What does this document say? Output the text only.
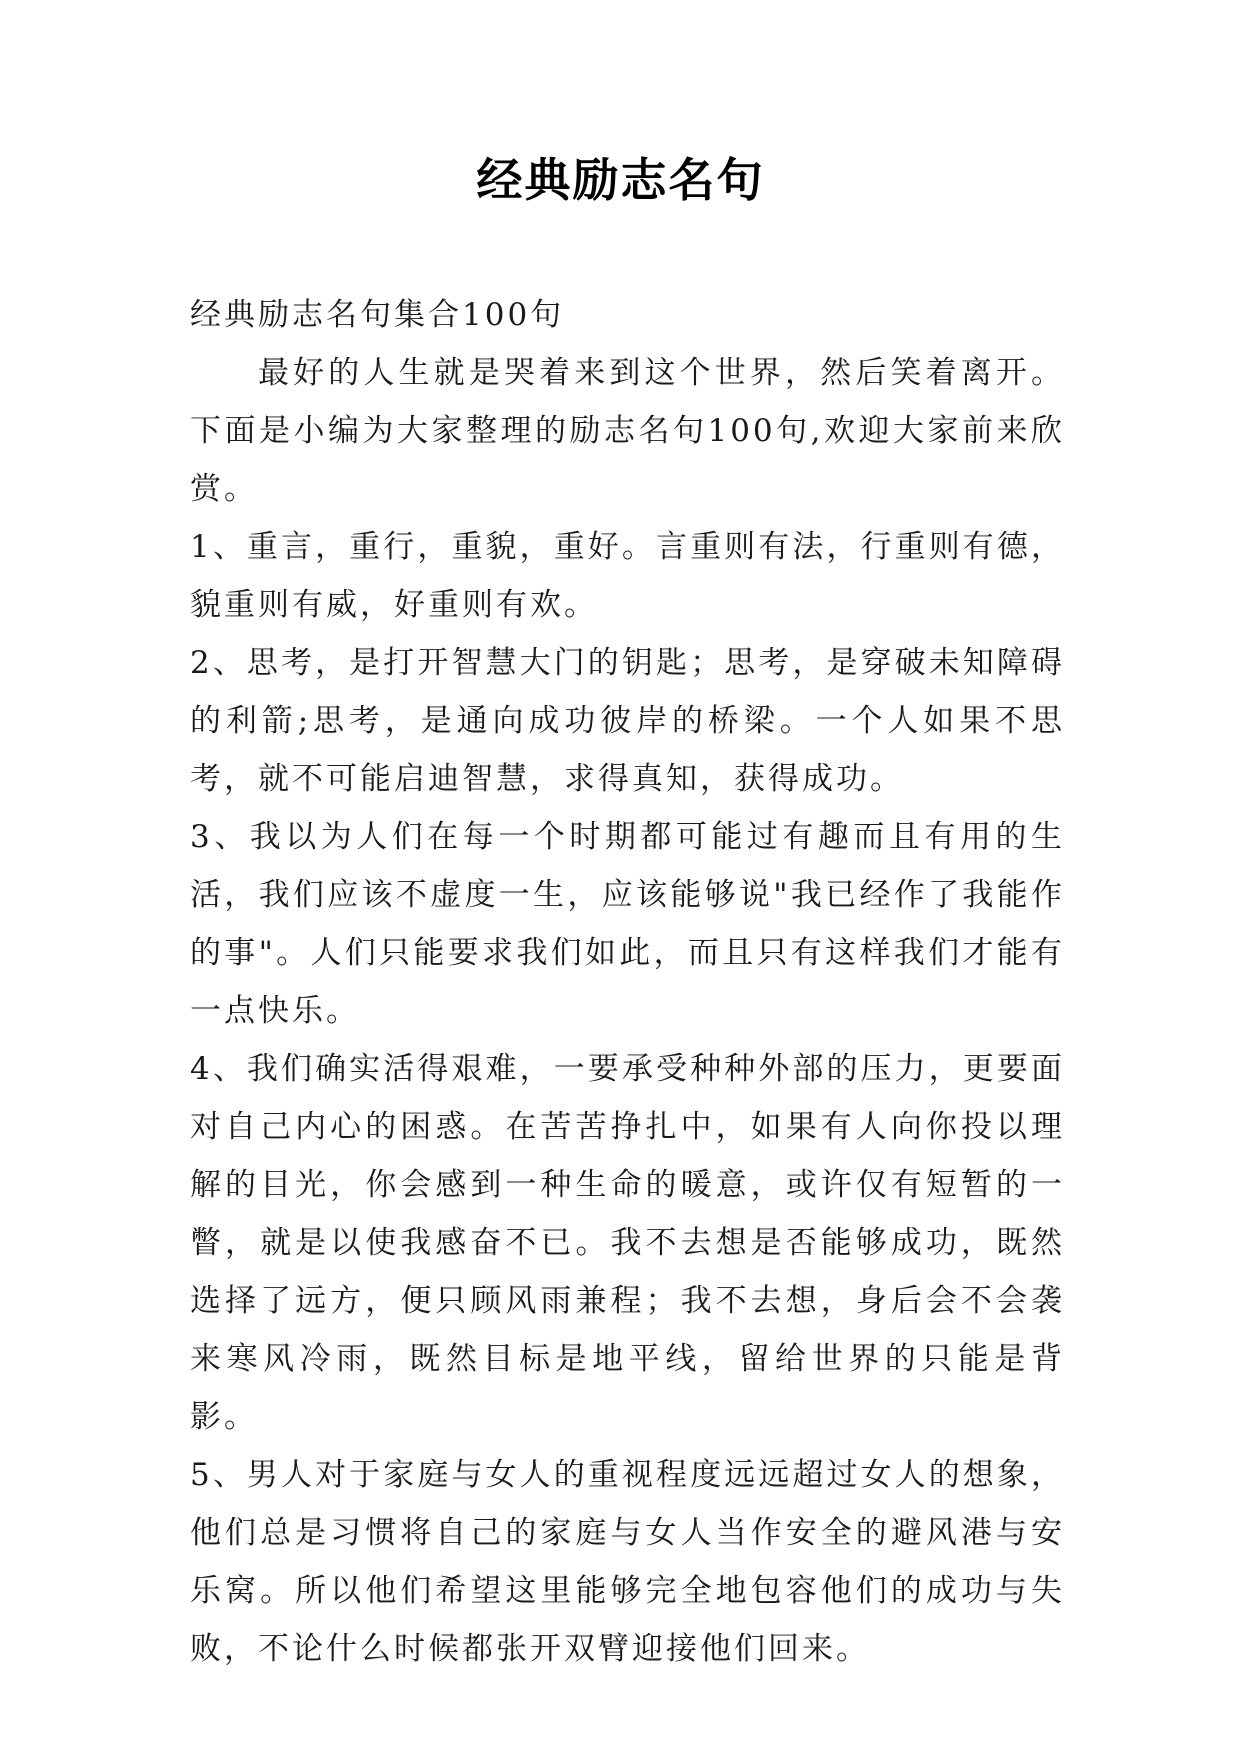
经典励志名句

经典励志名句集合100句

最好的人生就是哭着来到这个世界，然后笑着离开。下面是小编为大家整理的励志名句100句,欢迎大家前来欣赏。

1、重言，重行，重貌，重好。言重则有法，行重则有德，貌重则有威，好重则有欢。

2、思考，是打开智慧大门的钥匙；思考，是穿破未知障碍的利箭;思考，是通向成功彼岸的桥梁。一个人如果不思考，就不可能启迪智慧，求得真知，获得成功。

3、我以为人们在每一个时期都可能过有趣而且有用的生活，我们应该不虚度一生，应该能够说"我已经作了我能作的事"。人们只能要求我们如此，而且只有这样我们才能有一点快乐。

4、我们确实活得艰难，一要承受种种外部的压力，更要面对自己内心的困惑。在苦苦挣扎中，如果有人向你投以理解的目光，你会感到一种生命的暖意，或许仅有短暂的一瞥，就是以使我感奋不已。我不去想是否能够成功，既然选择了远方，便只顾风雨兼程；我不去想，身后会不会袭来寒风冷雨，既然目标是地平线，留给世界的只能是背影。

5、男人对于家庭与女人的重视程度远远超过女人的想象，他们总是习惯将自己的家庭与女人当作安全的避风港与安乐窝。所以他们希望这里能够完全地包容他们的成功与失败，不论什么时候都张开双臂迎接他们回来。
